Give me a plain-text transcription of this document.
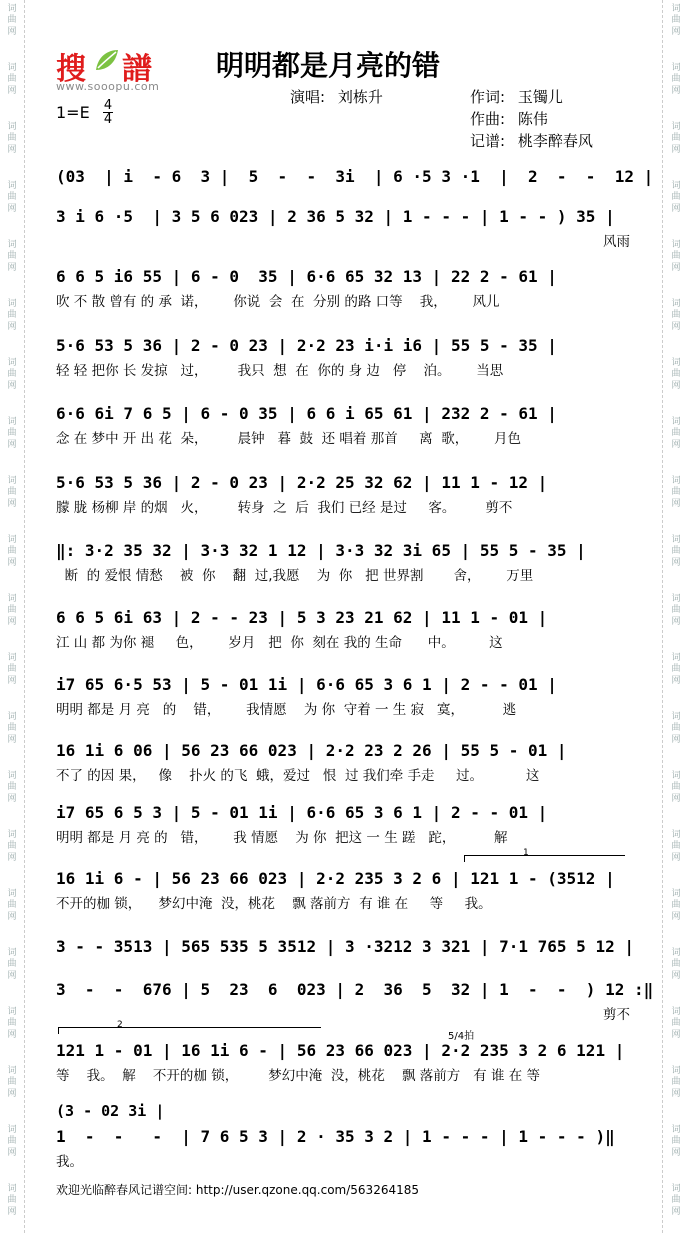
词
曲
网
词
曲
网
词
曲
网
词
曲
网
词
曲
网
词
曲
网
词
曲
网
词
曲
网
词
曲
网
词
曲
网
词
曲
网
词
曲
网
词
曲
网
词
曲
网
词
曲
网
词
曲
网
词
曲
网
词
曲
网
词
曲
网
词
曲
网
词
曲
网
词
曲
网
词
曲
网
词
曲
网
词
曲
网
词
曲
网
词
曲
网
词
曲
网
词
曲
网
词
曲
网
词
曲
网
词
曲
网
词
曲
网
词
曲
网
词
曲
网
词
曲
网
词
曲
网
词
曲
网
词
曲
网
词
曲
网
词
曲
网
词
曲
网
搜 譜
www.sooopu.com
明明都是月亮的错
演唱: 刘栋升	作词: 玉镯儿
作曲: 陈伟
记谱: 桃李醉春风
1=E 4
4
(03  | i  - 6  3 |  5  -  -  3i  | 6 ·5 3 ·1  |  2  -  -  12 |
3 i 6 ·5  | 3 5 6 023 | 2 36 5 32 | 1 - - - | 1 - - ) 35 |
风雨
6 6 5 i6 55 | 6 - 0  35 | 6·6 65 32 13 | 22 2 - 61 |
吹 不 散 曾有 的 承  诺，      你说  会  在  分别 的路 口等    我，      风儿
5·6 53 5 36 | 2 - 0 23 | 2·2 23 i·i i6 | 55 5 - 35 |
轻 轻 把你 长 发掠   过，       我只  想  在  你的 身 边   停    泊。      当思
6·6 6i 7 6 5 | 6 - 0 35 | 6 6 i 65 61 | 232 2 - 61 |
念 在 梦中 开 出 花  朵，       晨钟   暮  鼓  还 唱着 那首     离  歌，      月色
5·6 53 5 36 | 2 - 0 23 | 2·2 25 32 62 | 11 1 - 12 |
朦 胧 杨柳 岸 的烟   火，       转身  之  后  我们 已经 是过     客。       剪不
‖: 3·2 35 32 | 3·3 32 1 12 | 3·3 32 3i 65 | 55 5 - 35 |
断  的 爱恨 情愁    被  你    翻  过,我愿    为  你   把 世界割       舍，      万里
6 6 5 6i 63 | 2 - - 23 | 5 3 23 21 62 | 11 1 - 01 |
江 山 都 为你 褪     色，      岁月   把  你  刻在 我的 生命      中。        这
i7 65 6·5 53 | 5 - 01 1i | 6·6 65 3 6 1 | 2 - - 01 |
明明 都是 月 亮   的    错，      我情愿    为 你  守着 一 生 寂   寞，         逃
16 1i 6 06 | 56 23 66 023 | 2·2 23 2 26 | 55 5 - 01 |
不了 的因 果，   像    扑火 的飞  蛾，爱过   恨  过 我们牵 手走     过。          这
i7 65 6 5 3 | 5 - 01 1i | 6·6 65 3 6 1 | 2 - - 01 |
明明 都是 月 亮 的   错，      我 情愿    为 你  把这 一 生 蹉   跎，         解
16 1i 6 - | 56 23 66 023 | 2·2 235 3 2 6 | 121 1 - (3512 |
不开的枷 锁，    梦幻中淹  没，桃花    飘 落前方  有 谁 在     等     我。
3 - - 3513 | 565 535 5 3512 | 3 ·3212 3 321 | 7·1 765 5 12 |
3  -  -  676 | 5  23  6  023 | 2  36  5  32 | 1  -  -  ) 12 :‖
剪不
121 1 - 01 | 16 1i 6 - | 56 23 66 023 | 2·2 235 3 2 6 121 |
等    我。  解    不开的枷 锁，       梦幻中淹  没，桃花    飘 落前方   有 谁 在 等
1  -  -   -  | 7 6 5 3 | 2 · 35 3 2 | 1 - - - | 1 - - - )‖
我。
(3 - 02 3i |
1
2
5/4拍
欢迎光临醉春风记谱空间: http://user.qzone.qq.com/563264185
